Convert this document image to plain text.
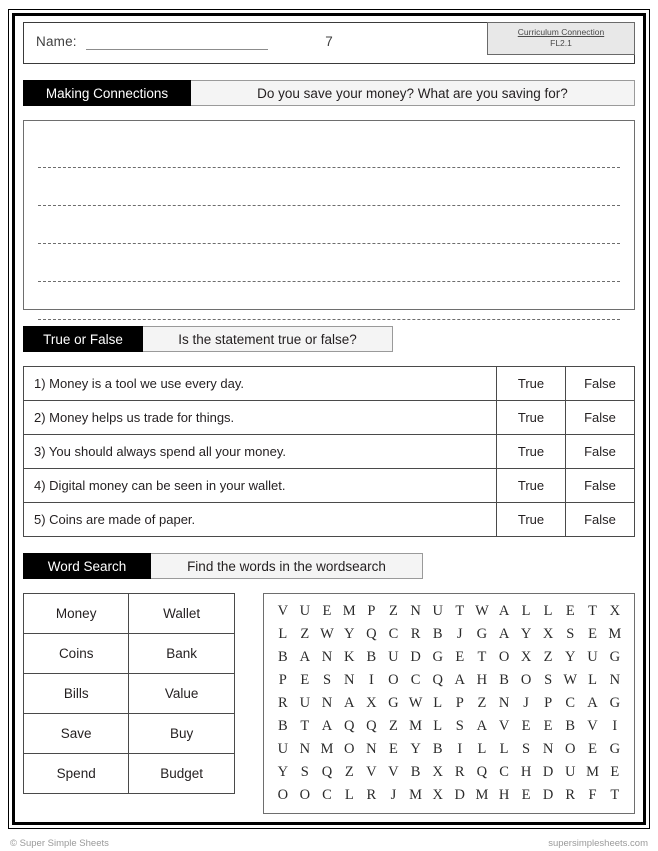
Name:	7
Curriculum Connection
FL2.1
Making Connections	Do you save your money? What are you saving for?
True or False	Is the statement true or false?
1) Money is a tool we use every day.	True	False
2) Money helps us trade for things.	True	False
3) You should always spend all your money.	True	False
4) Digital money can be seen in your wallet.	True	False
5) Coins are made of paper.	True	False
Word Search	Find the words in the wordsearch
Money	Wallet
Coins	Bank
Bills	Value
Save	Buy
Spend	Budget
V	U	E	M	P	Z	N	U	T	W	A	L	L	E	T	X
L	Z	W	Y	Q	C	R	B	J	G	A	Y	X	S	E	M
B	A	N	K	B	U	D	G	E	T	O	X	Z	Y	U	G
P	E	S	N	I	O	C	Q	A	H	B	O	S	W	L	N
R	U	N	A	X	G	W	L	P	Z	N	J	P	C	A	G
B	T	A	Q	Q	Z	M	L	S	A	V	E	E	B	V	I
U	N	M	O	N	E	Y	B	I	L	L	S	N	O	E	G
Y	S	Q	Z	V	V	B	X	R	Q	C	H	D	U	M	E
O	O	C	L	R	J	M	X	D	M	H	E	D	R	F	T
© Super Simple Sheets	supersimplesheets.com
